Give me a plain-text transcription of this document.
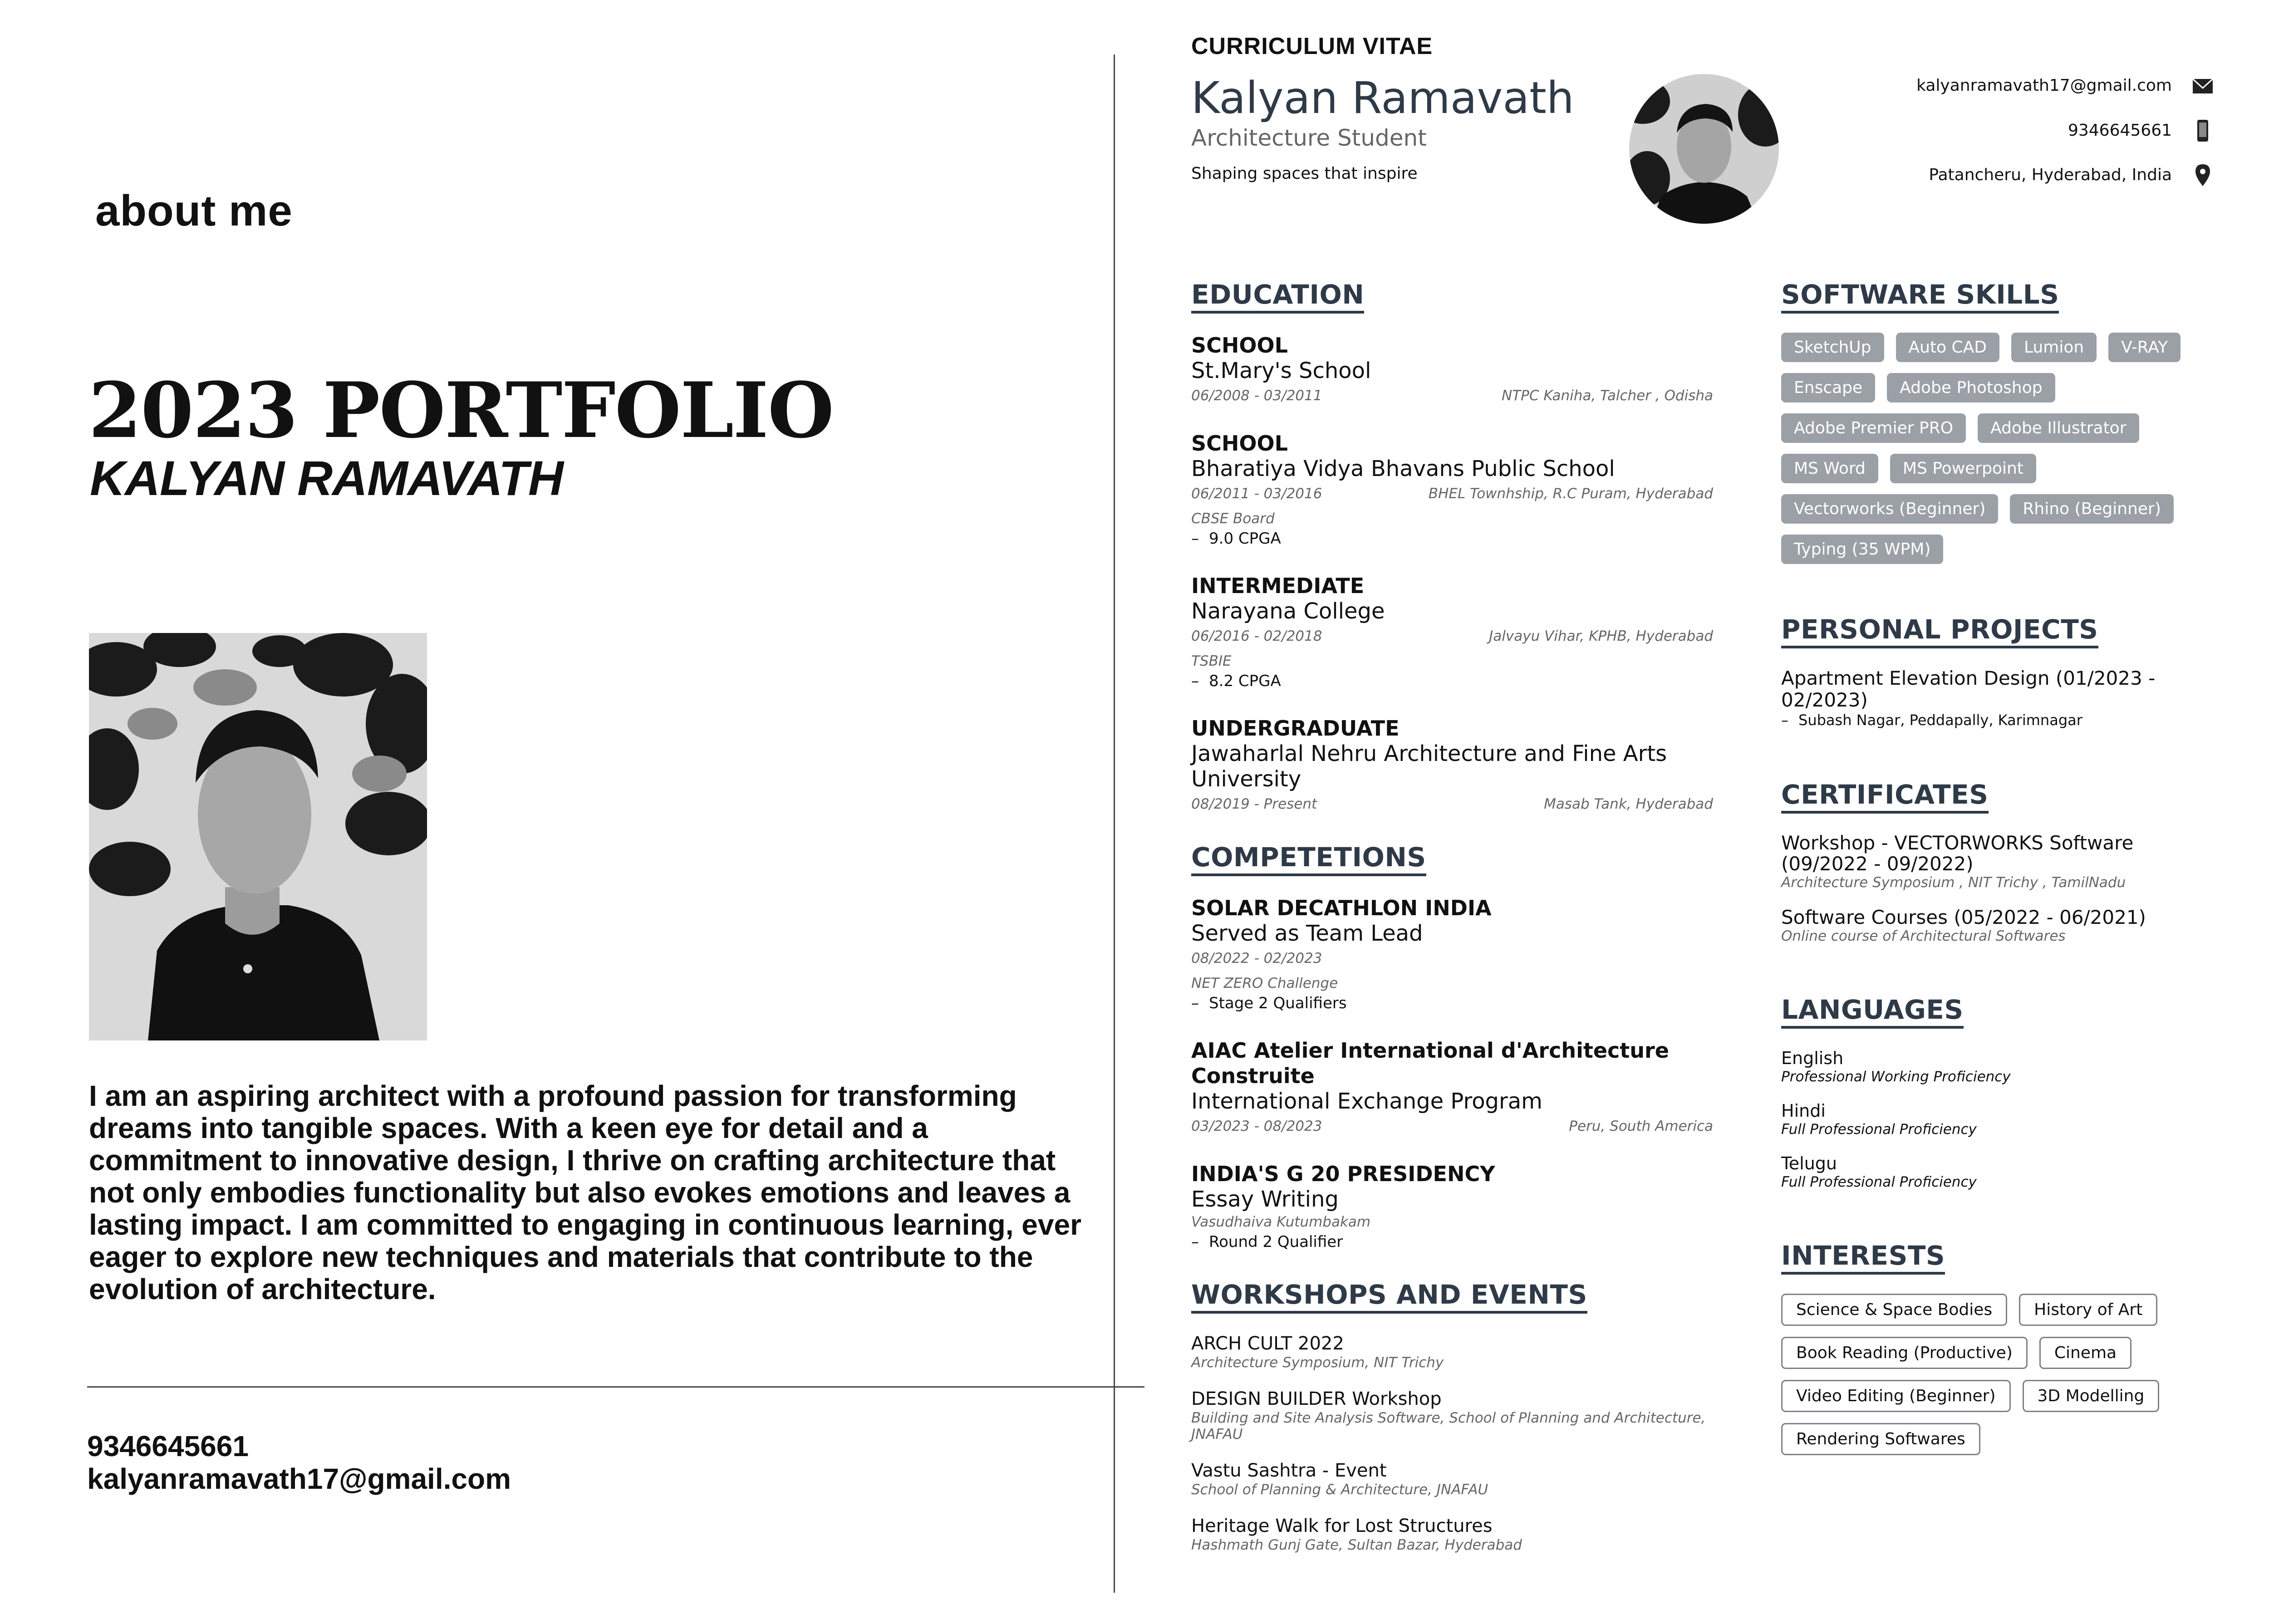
about me
2023 PORTFOLIO
KALYAN RAMAVATH
I am an aspiring architect with a profound passion for transforming dreams into tangible spaces. With a keen eye for detail and a commitment to innovative design, I thrive on crafting architecture that not only embodies functionality but also evokes emotions and leaves a lasting impact. I am committed to engaging in continuous learning, ever eager to explore new techniques and materials that contribute to the evolution of architecture.
9346645661
kalyanramavath17@gmail.com
CURRICULUM VITAE
Kalyan Ramavath
Architecture Student
Shaping spaces that inspire
kalyanramavath17@gmail.com
9346645661
Patancheru, Hyderabad, India
EDUCATION
SCHOOL
St.Mary's School
06/2008 - 03/2011	NTPC Kaniha, Talcher , Odisha
SCHOOL
Bharatiya Vidya Bhavans Public School
06/2011 - 03/2016	BHEL Townhship, R.C Puram, Hyderabad
CBSE Board
– 9.0 CPGA
INTERMEDIATE
Narayana College
06/2016 - 02/2018	Jalvayu Vihar, KPHB, Hyderabad
TSBIE
– 8.2 CPGA
UNDERGRADUATE
Jawaharlal Nehru Architecture and Fine Arts University
08/2019 - Present	Masab Tank, Hyderabad
COMPETETIONS
SOLAR DECATHLON INDIA
Served as Team Lead
08/2022 - 02/2023
NET ZERO Challenge
– Stage 2 Qualifiers
AIAC Atelier International d'Architecture Construite
International Exchange Program
03/2023 - 08/2023	Peru, South America
INDIA'S G 20 PRESIDENCY
Essay Writing
Vasudhaiva Kutumbakam
– Round 2 Qualifier
WORKSHOPS AND EVENTS
ARCH CULT 2022
Architecture Symposium, NIT Trichy
DESIGN BUILDER Workshop
Building and Site Analysis Software, School of Planning and Architecture, JNAFAU
Vastu Sashtra - Event
School of Planning & Architecture, JNAFAU
Heritage Walk for Lost Structures
Hashmath Gunj Gate, Sultan Bazar, Hyderabad
SOFTWARE SKILLS
SketchUp	Auto CAD	Lumion	V-RAY
Enscape	Adobe Photoshop
Adobe Premier PRO	Adobe Illustrator
MS Word	MS Powerpoint
Vectorworks (Beginner)	Rhino (Beginner)
Typing (35 WPM)
PERSONAL PROJECTS
Apartment Elevation Design (01/2023 - 02/2023)
– Subash Nagar, Peddapally, Karimnagar
CERTIFICATES
Workshop - VECTORWORKS Software
(09/2022 - 09/2022)
Architecture Symposium , NIT Trichy , TamilNadu
Software Courses (05/2022 - 06/2021)
Online course of Architectural Softwares
LANGUAGES
English
Professional Working Proficiency
Hindi
Full Professional Proficiency
Telugu
Full Professional Proficiency
INTERESTS
Science & Space Bodies	History of Art
Book Reading (Productive)	Cinema
Video Editing (Beginner)	3D Modelling
Rendering Softwares
